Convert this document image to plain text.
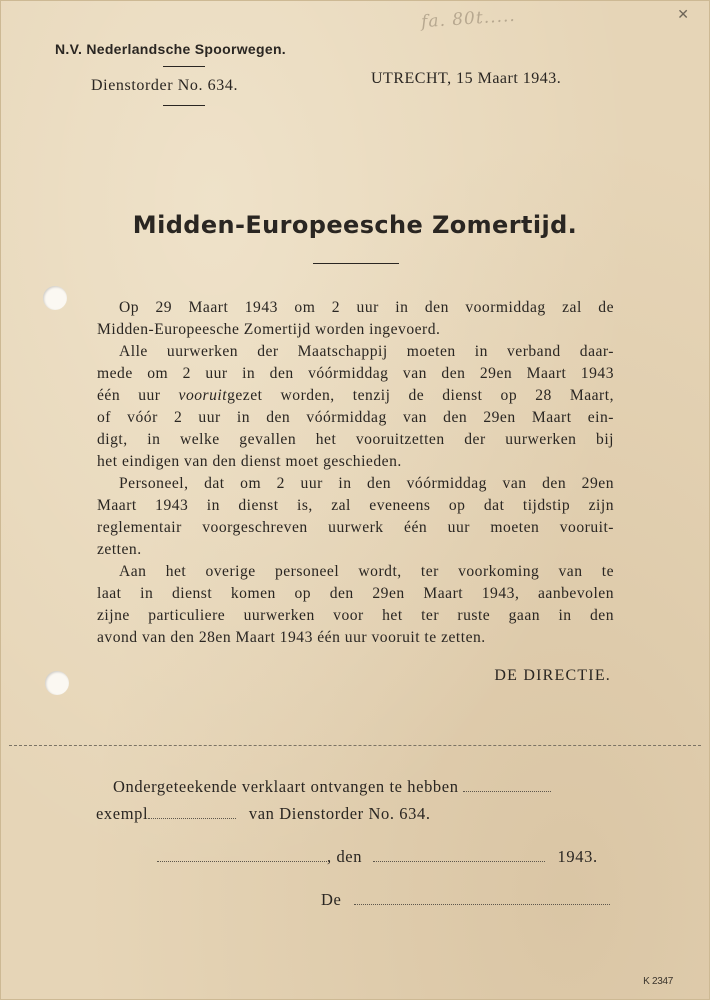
fa. 80t.....	✕
N.V. Nederlandsche Spoorwegen.
Dienstorder No. 634.	UTRECHT, 15 Maart 1943.
Midden-Europeesche Zomertijd.
Op 29 Maart 1943 om 2 uur in den voormiddag zal de
Midden-Europeesche Zomertijd worden ingevoerd.
Alle uurwerken der Maatschappij moeten in verband daar-
mede om 2 uur in den vóórmiddag van den 29en Maart 1943
één uur vooruitgezet worden, tenzij de dienst op 28 Maart,
of vóór 2 uur in den vóórmiddag van den 29en Maart ein-
digt, in welke gevallen het vooruitzetten der uurwerken bij
het eindigen van den dienst moet geschieden.
Personeel, dat om 2 uur in den vóórmiddag van den 29en
Maart 1943 in dienst is, zal eveneens op dat tijdstip zijn
reglementair voorgeschreven uurwerk één uur moeten vooruit-
zetten.
Aan het overige personeel wordt, ter voorkoming van te
laat in dienst komen op den 29en Maart 1943, aanbevolen
zijne particuliere uurwerken voor het ter ruste gaan in den
avond van den 28en Maart 1943 één uur vooruit te zetten.
DE DIRECTIE.
Ondergeteekende verklaart ontvangen te hebben
exempl	van Dienstorder No. 634.
, den	1943.
De
K 2347
